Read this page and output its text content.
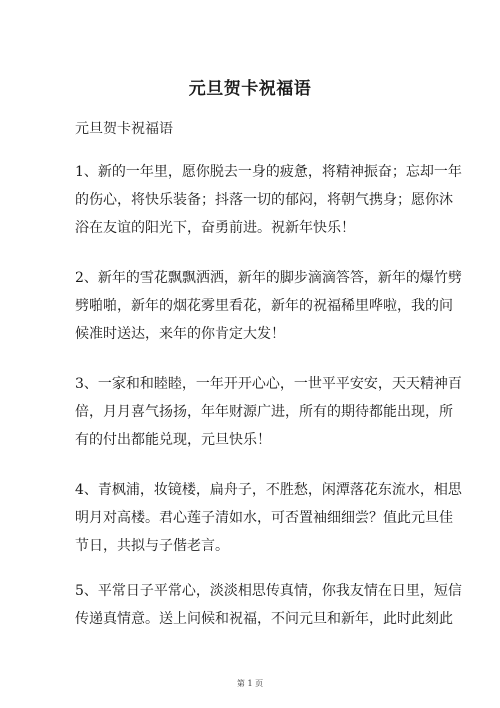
元旦贺卡祝福语
元旦贺卡祝福语
1、新的一年里，愿你脱去一身的疲惫，将精神振奋；忘却一年
的伤心，将快乐装备；抖落一切的郁闷，将朝气携身；愿你沐
浴在友谊的阳光下，奋勇前进。祝新年快乐！
2、新年的雪花飘飘洒洒，新年的脚步滴滴答答，新年的爆竹劈
劈啪啪，新年的烟花雾里看花，新年的祝福稀里哗啦，我的问
候准时送达，来年的你肯定大发！
3、一家和和睦睦，一年开开心心，一世平平安安，天天精神百
倍，月月喜气扬扬，年年财源广进，所有的期待都能出现，所
有的付出都能兑现，元旦快乐！
4、青枫浦，妆镜楼，扁舟子，不胜愁，闲潭落花东流水，相思
明月对高楼。君心莲子清如水，可否置袖细细尝？值此元旦佳
节日，共拟与子偕老言。
5、平常日子平常心，淡淡相思传真情，你我友情在日里，短信
传递真情意。送上问候和祝福，不问元旦和新年，此时此刻此
第 1 页
